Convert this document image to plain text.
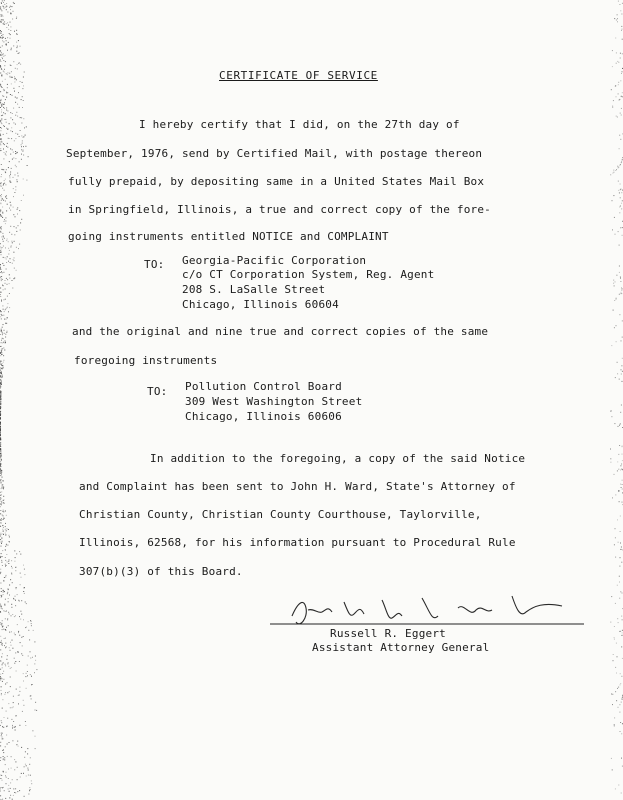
CERTIFICATE OF SERVICE
I hereby certify that I did, on the 27th day of
September, 1976, send by Certified Mail, with postage thereon
fully prepaid, by depositing same in a United States Mail Box
in Springfield, Illinois, a true and correct copy of the fore-
going instruments entitled NOTICE and COMPLAINT
TO: Georgia-Pacific Corporation
c/o CT Corporation System, Reg. Agent
208 S. LaSalle Street
Chicago, Illinois 60604
and the original and nine true and correct copies of the same
foregoing instruments
TO: Pollution Control Board
309 West Washington Street
Chicago, Illinois 60606
In addition to the foregoing, a copy of the said Notice
and Complaint has been sent to John H. Ward, State's Attorney of
Christian County, Christian County Courthouse, Taylorville,
Illinois, 62568, for his information pursuant to Procedural Rule
307(b)(3) of this Board.
Russell R. Eggert
Assistant Attorney General
